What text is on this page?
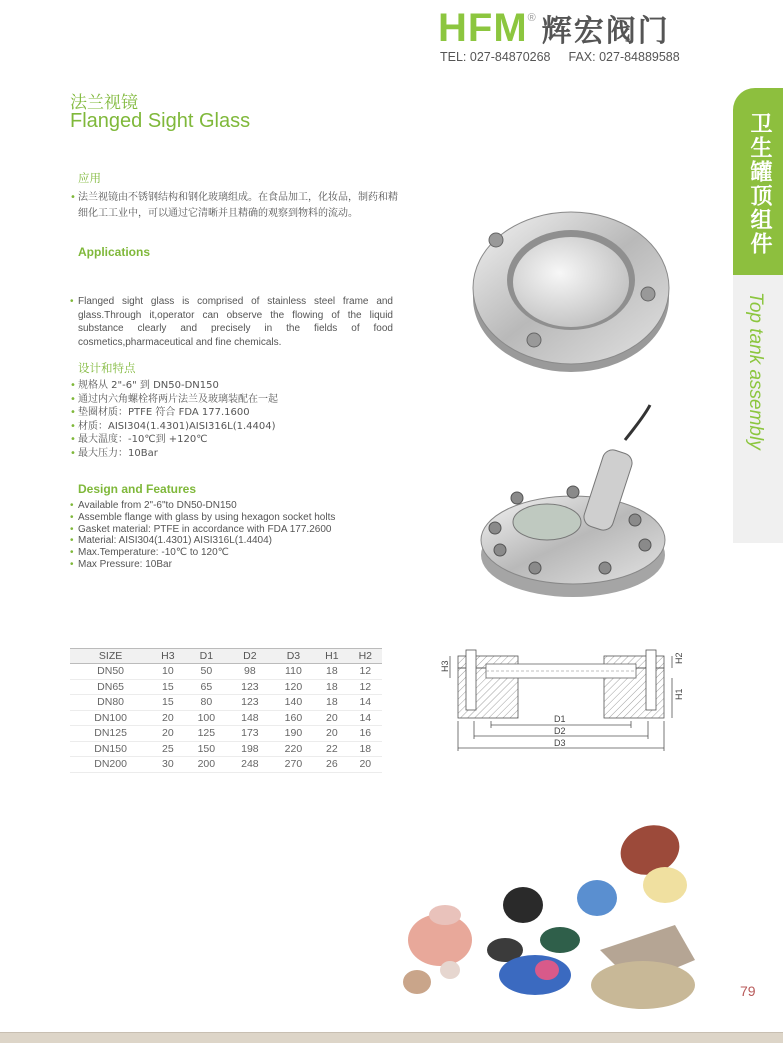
HFM® 辉宏阀门
TEL: 027-84870268 FAX: 027-84889588
法兰视镜
Flanged Sight Glass
应用
• 法兰视镜由不锈钢结构和钢化玻璃组成。在食品加工，化妆品，制药和精细化工工业中，可以通过它清晰并且精确的观察到物料的流动。
Applications
• Flanged sight glass is comprised of stainless steel frame and glass.Through it,operator can observe the flowing of the liquid substance clearly and precisely in the fields of food cosmetics,pharmaceutical and fine chemicals.
设计和特点
• 规格从 2"-6" 到 DN50-DN150
• 通过内六角螺栓将两片法兰及玻璃装配在一起
• 垫圈材质：PTFE 符合 FDA 177.1600
• 材质：AISI304(1.4301)AISI316L(1.4404)
• 最大温度：-10℃到 +120℃
• 最大压力：10Bar
Design and Features
• Available from 2"-6"to DN50-DN150
• Assemble flange with glass by using hexagon socket holts
• Gasket material: PTFE in accordance with FDA 177.2600
• Material: AISI304(1.4301) AISI316L(1.4404)
• Max.Temperature: -10℃ to 120℃
• Max Pressure: 10Bar
SIZE	H3	D1	D2	D3	H1	H2
DN50	10	50	98	110	18	12
DN65	15	65	123	120	18	12
DN80	15	80	123	140	18	14
DN100	20	100	148	160	20	14
DN125	20	125	173	190	20	16
DN150	25	150	198	220	22	18
DN200	30	200	248	270	26	20
D1
D2
D3
H3
H2
H1
卫生罐顶组件
Top tank assembly
79
